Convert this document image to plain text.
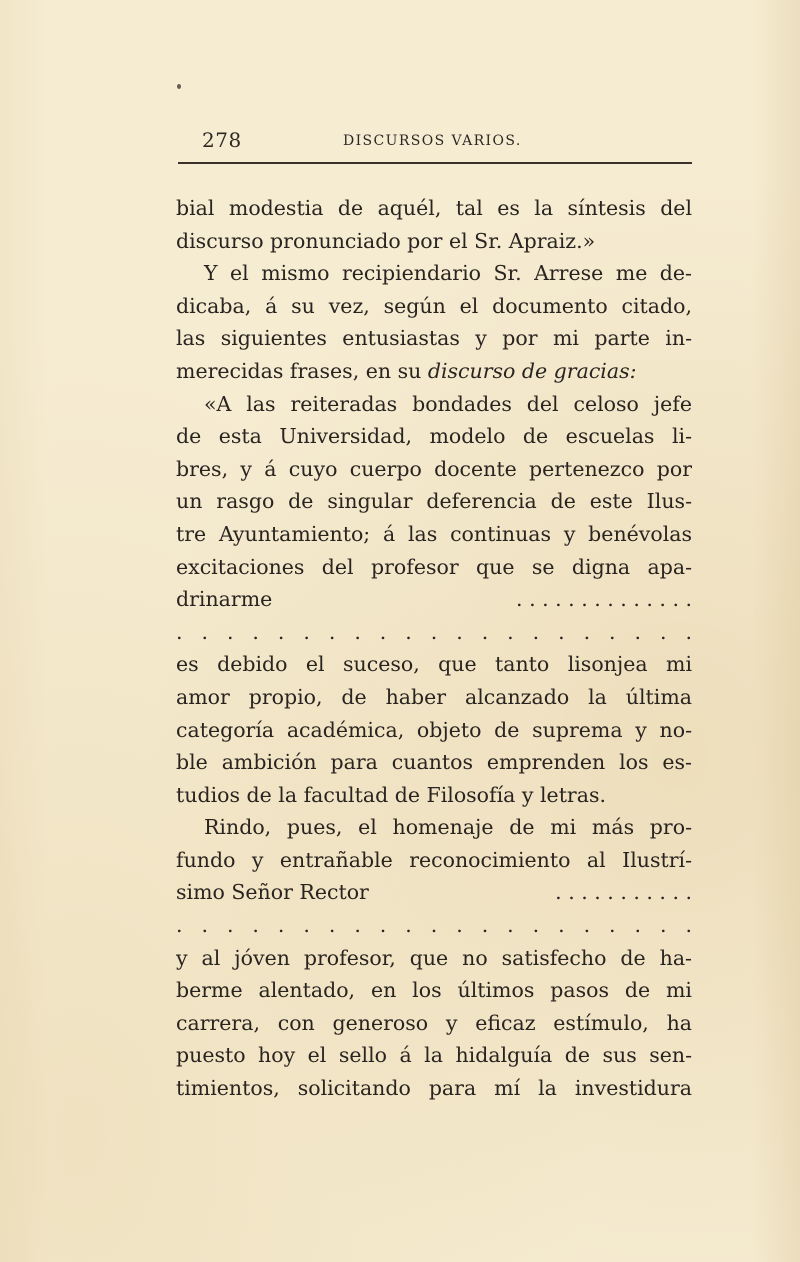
278	DISCURSOS VARIOS.
bial modestia de aquél, tal es la síntesis del
discurso pronunciado por el Sr. Apraiz.»
Y el mismo recipiendario Sr. Arrese me de-
dicaba, á su vez, según el documento citado,
las siguientes entusiastas y por mi parte in-
merecidas frases, en su discurso de gracias:
«A las reiteradas bondades del celoso jefe
de esta Universidad, modelo de escuelas li-
bres, y á cuyo cuerpo docente pertenezco por
un rasgo de singular deferencia de este Ilus-
tre Ayuntamiento; á las continuas y benévolas
excitaciones del profesor que se digna apa-
drinarme	. . . . . . . . . . . . . .
. . . . . . . . . . . . . . . . . . . . .
es debido el suceso, que tanto lisonjea mi
amor propio, de haber alcanzado la última
categoría académica, objeto de suprema y no-
ble ambición para cuantos emprenden los es-
tudios de la facultad de Filosofía y letras.
Rindo, pues, el homenaje de mi más pro-
fundo y entrañable reconocimiento al Ilustrí-
simo Señor Rector	. . . . . . . . . . .
. . . . . . . . . . . . . . . . . . . . .
y al jóven profesor, que no satisfecho de ha-
berme alentado, en los últimos pasos de mi
carrera, con generoso y eficaz estímulo, ha
puesto hoy el sello á la hidalguía de sus sen-
timientos, solicitando para mí la investidura
